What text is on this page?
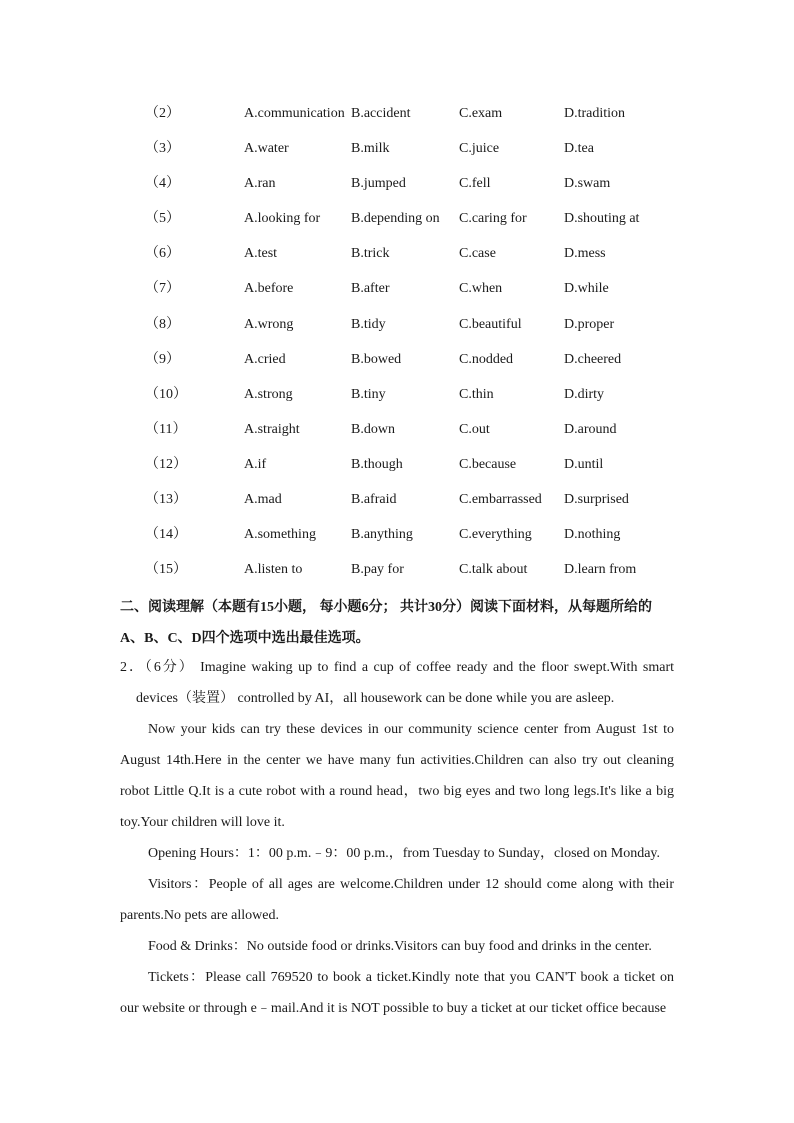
（2）	A.communication B.accident	C.exam	D.tradition
（3）	A.water	B.milk	C.juice	D.tea
（4）	A.ran	B.jumped	C.fell	D.swam
（5）	A.looking for B.depending on C.caring for	D.shouting at
（6）	A.test	B.trick	C.case	D.mess
（7）	A.before	B.after	C.when	D.while
（8）	A.wrong	B.tidy	C.beautiful	D.proper
（9）	A.cried	B.bowed	C.nodded	D.cheered
（10）	A.strong	B.tiny	C.thin	D.dirty
（11）	A.straight	B.down	C.out	D.around
（12）	A.if	B.though	C.because	D.until
（13）	A.mad	B.afraid	C.embarrassed D.surprised
（14）	A.something	B.anything	C.everything D.nothing
（15）	A.listen to	B.pay for	C.talk about	D.learn from
二、阅读理解（本题有15小题， 每小题6分； 共计30分）阅读下面材料，从每题所给的A、B、C、D四个选项中选出最佳选项。

2．（6分） Imagine waking up to find a cup of coffee ready and the floor swept.With smart devices（装置） controlled by AI，all housework can be done while you are asleep.

Now your kids can try these devices in our community science center from August 1st to August 14th.Here in the center we have many fun activities.Children can also try out cleaning robot Little Q.It is a cute robot with a round head，two big eyes and two long legs.It's like a big toy.Your children will love it.

Opening Hours：1：00 p.m.﹣9：00 p.m.，from Tuesday to Sunday，closed on Monday.

Visitors：People of all ages are welcome.Children under 12 should come along with their parents.No pets are allowed.

Food & Drinks：No outside food or drinks.Visitors can buy food and drinks in the center.

Tickets：Please call 769520 to book a ticket.Kindly note that you CAN'T book a ticket on our website or through e﹣mail.And it is NOT possible to buy a ticket at our ticket office because
